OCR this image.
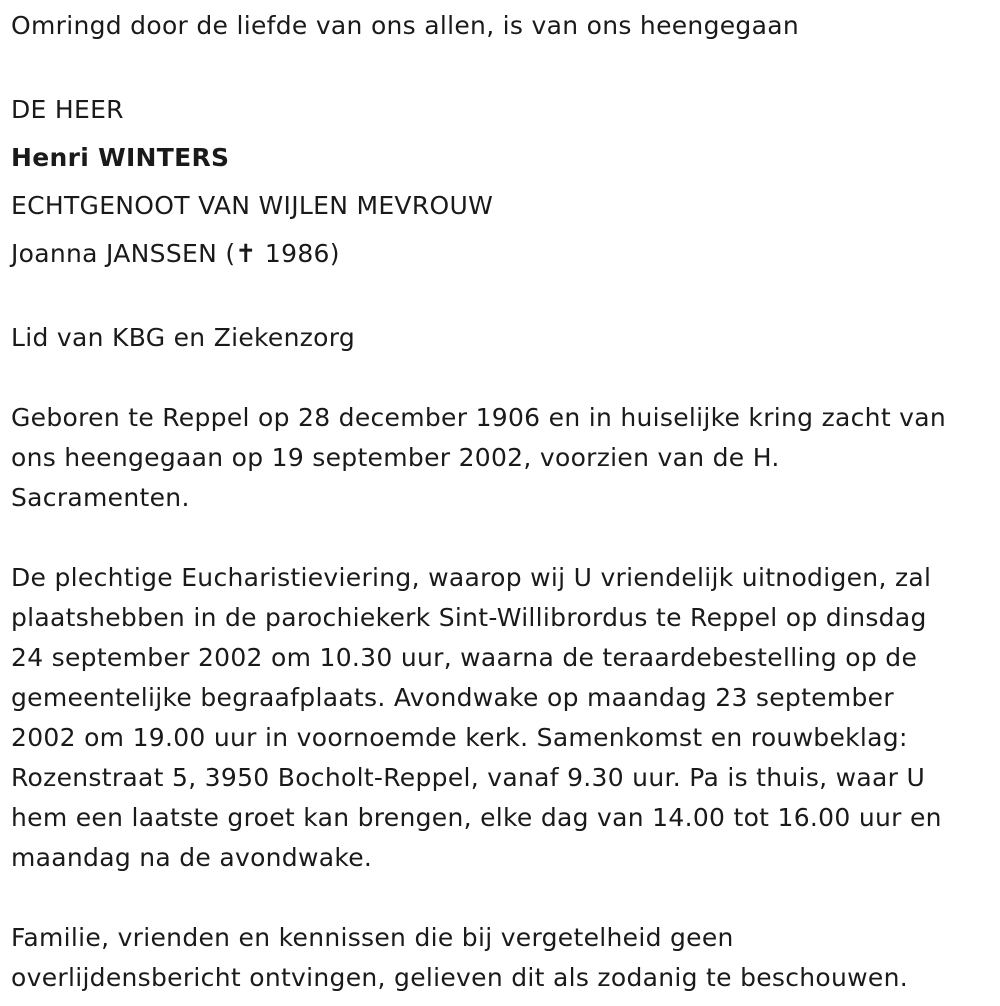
Omringd door de liefde van ons allen, is van ons heengegaan
DE HEER
Henri WINTERS
ECHTGENOOT VAN WIJLEN MEVROUW
Joanna JANSSEN (✝ 1986)
Lid van KBG en Ziekenzorg
Geboren te Reppel op 28 december 1906 en in huiselijke kring zacht van
ons heengegaan op 19 september 2002, voorzien van de H.
Sacramenten.
De plechtige Eucharistieviering, waarop wij U vriendelijk uitnodigen, zal
plaatshebben in de parochiekerk Sint-Willibrordus te Reppel op dinsdag
24 september 2002 om 10.30 uur, waarna de teraardebestelling op de
gemeentelijke begraafplaats. Avondwake op maandag 23 september
2002 om 19.00 uur in voornoemde kerk. Samenkomst en rouwbeklag:
Rozenstraat 5, 3950 Bocholt-Reppel, vanaf 9.30 uur. Pa is thuis, waar U
hem een laatste groet kan brengen, elke dag van 14.00 tot 16.00 uur en
maandag na de avondwake.
Familie, vrienden en kennissen die bij vergetelheid geen
overlijdensbericht ontvingen, gelieven dit als zodanig te beschouwen.
